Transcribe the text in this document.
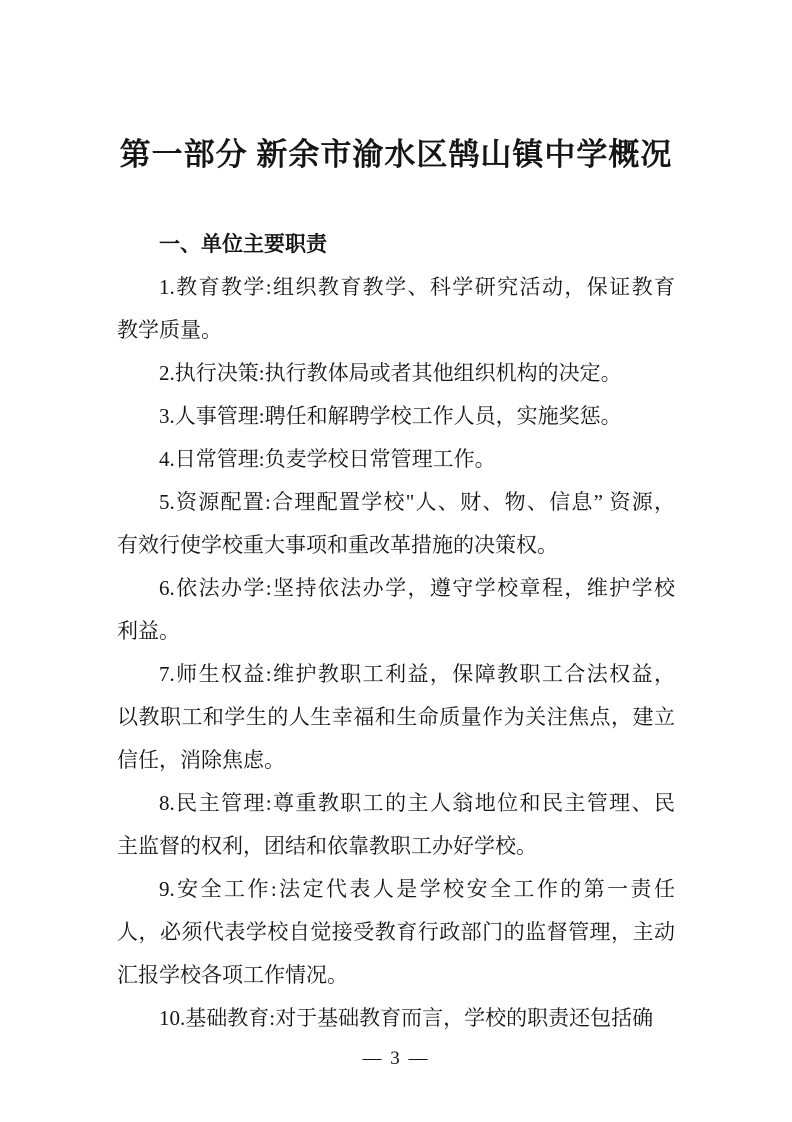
第一部分 新余市渝水区鹄山镇中学概况
一、单位主要职责
1.教育教学:组织教育教学、科学研究活动，保证教育
教学质量。
2.执行决策:执行教体局或者其他组织机构的决定。
3.人事管理:聘任和解聘学校工作人员，实施奖惩。
4.日常管理:负麦学校日常管理工作。
5.资源配置:合理配置学校"人、财、物、信息” 资源，
有效行使学校重大事项和重改革措施的决策权。
6.依法办学:坚持依法办学，遵守学校章程，维护学校
利益。
7.师生权益:维护教职工利益，保障教职工合法权益，
以教职工和学生的人生幸福和生命质量作为关注焦点，建立
信任，消除焦虑。
8.民主管理:尊重教职工的主人翁地位和民主管理、民
主监督的权利，团结和依靠教职工办好学校。
9.安全工作:法定代表人是学校安全工作的第一责任
人，必须代表学校自觉接受教育行政部门的监督管理，主动
汇报学校各项工作情况。
10.基础教育:对于基础教育而言，学校的职责还包括确
— 3 —
